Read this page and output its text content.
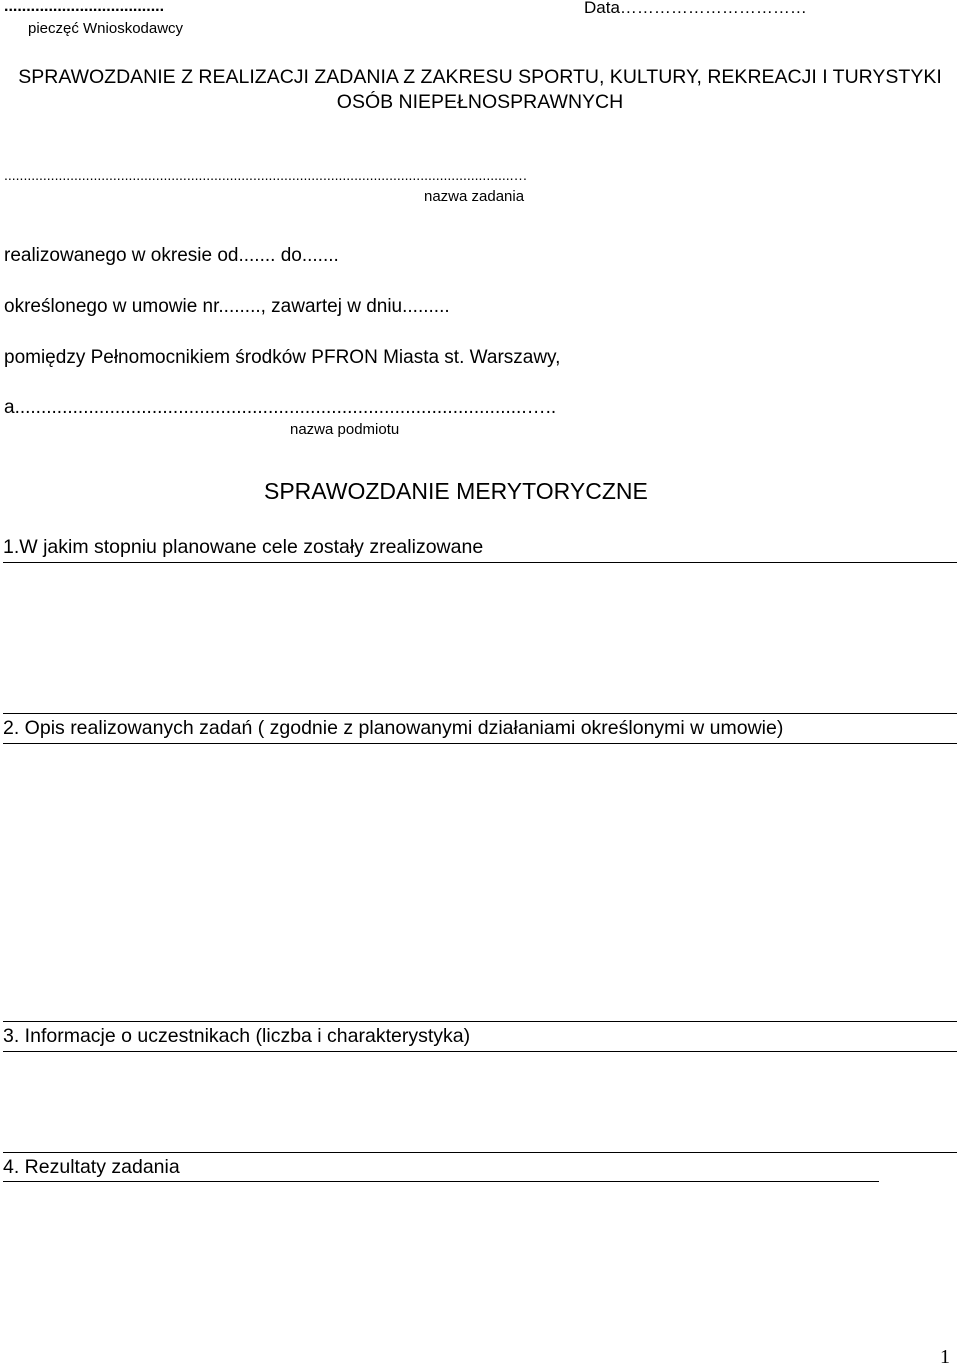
....................................
pieczęć Wnioskodawcy
Data……………………………
SPRAWOZDANIE Z REALIZACJI ZADANIA Z ZAKRESU SPORTU, KULTURY, REKREACJI I TURYSTYKI OSÓB NIEPEŁNOSPRAWNYCH
...................................................................................................................................…
nazwa zadania
realizowanego w okresie od....... do.......
określonego w umowie nr........, zawartej w dniu.........
pomiędzy Pełnomocnikiem środków PFRON Miasta st. Warszawy,
a.................................................................................................…..
nazwa podmiotu
SPRAWOZDANIE MERYTORYCZNE
1.W jakim stopniu planowane cele zostały zrealizowane
2. Opis realizowanych zadań ( zgodnie z planowanymi działaniami określonymi w umowie)
3. Informacje o uczestnikach (liczba i charakterystyka)
4. Rezultaty zadania
1
